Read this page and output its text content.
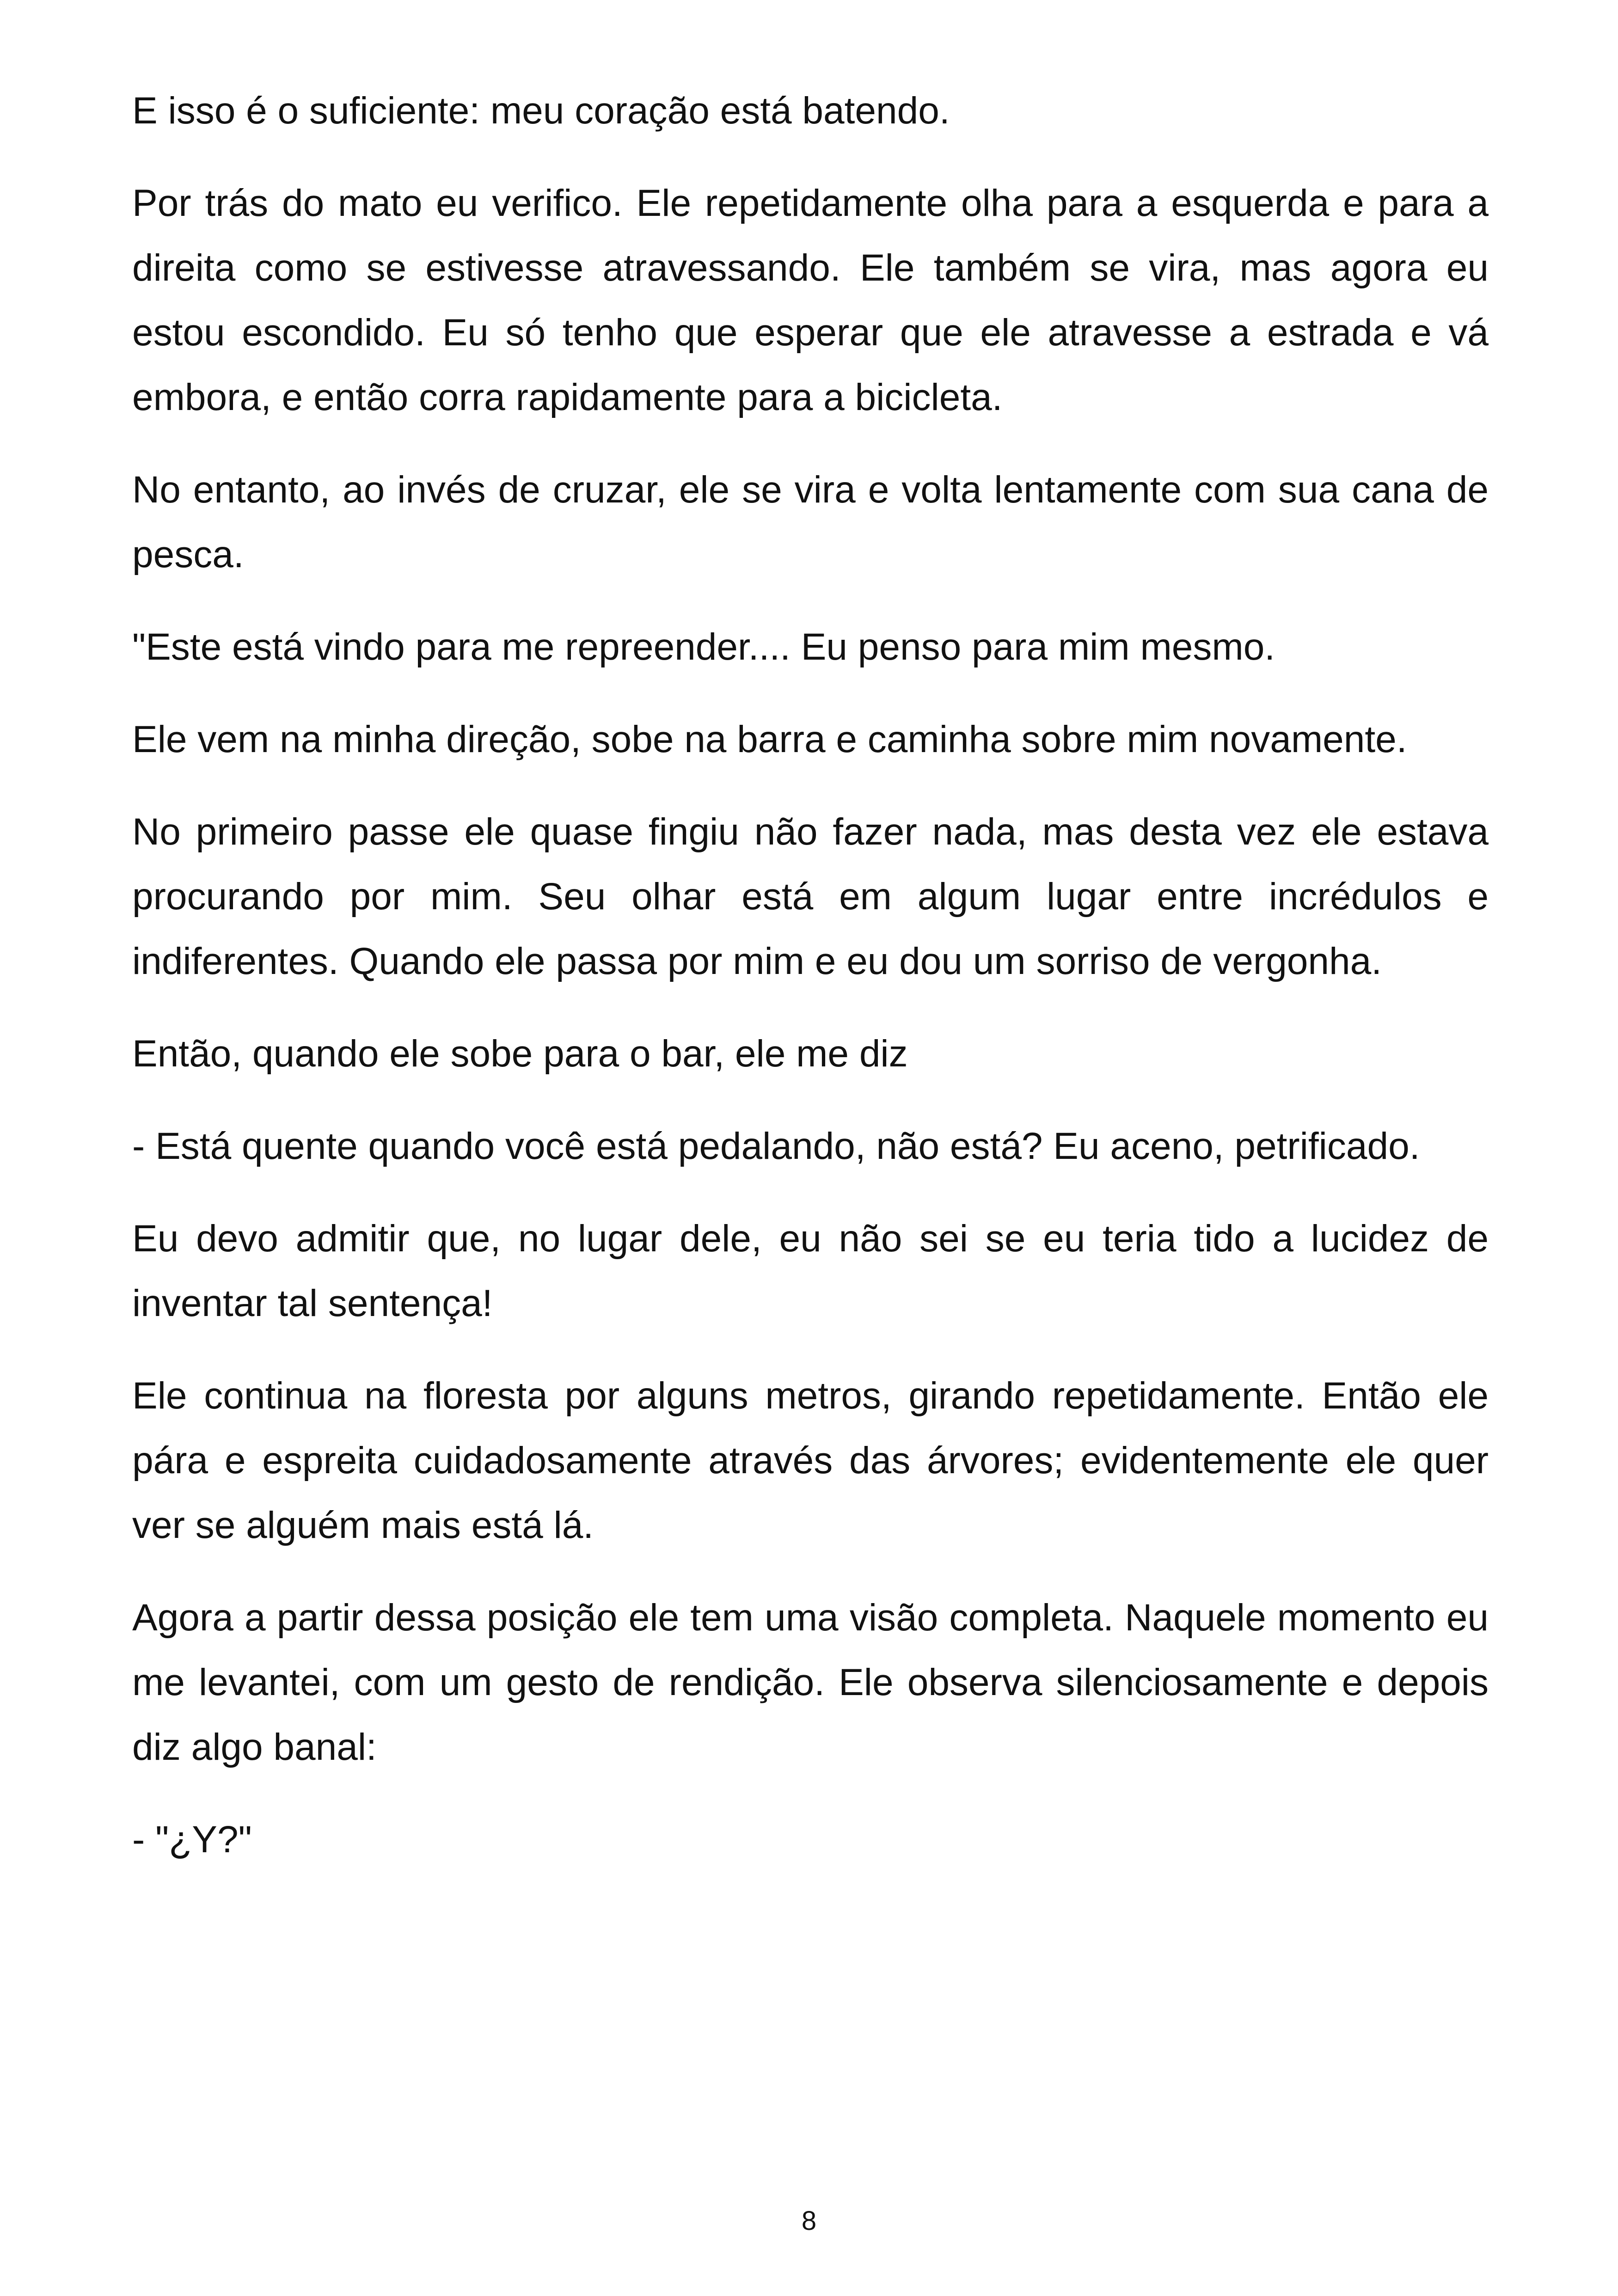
E isso é o suficiente: meu coração está batendo.

Por trás do mato eu verifico. Ele repetidamente olha para a esquerda e para a direita como se estivesse atravessando. Ele também se vira, mas agora eu estou escondido. Eu só tenho que esperar que ele atravesse a estrada e vá embora, e então corra rapidamente para a bicicleta.

No entanto, ao invés de cruzar, ele se vira e volta lentamente com sua cana de pesca.

"Este está vindo para me repreender.... Eu penso para mim mesmo.

Ele vem na minha direção, sobe na barra e caminha sobre mim novamente.

No primeiro passe ele quase fingiu não fazer nada, mas desta vez ele estava procurando por mim. Seu olhar está em algum lugar entre incrédulos e indiferentes. Quando ele passa por mim e eu dou um sorriso de vergonha.

Então, quando ele sobe para o bar, ele me diz

- Está quente quando você está pedalando, não está? Eu aceno, petrificado.

Eu devo admitir que, no lugar dele, eu não sei se eu teria tido a lucidez de inventar tal sentença!

Ele continua na floresta por alguns metros, girando repetidamente. Então ele pára e espreita cuidadosamente através das árvores; evidentemente ele quer ver se alguém mais está lá.

Agora a partir dessa posição ele tem uma visão completa. Naquele momento eu me levantei, com um gesto de rendição. Ele observa silenciosamente e depois diz algo banal:

- "¿Y?"

8
